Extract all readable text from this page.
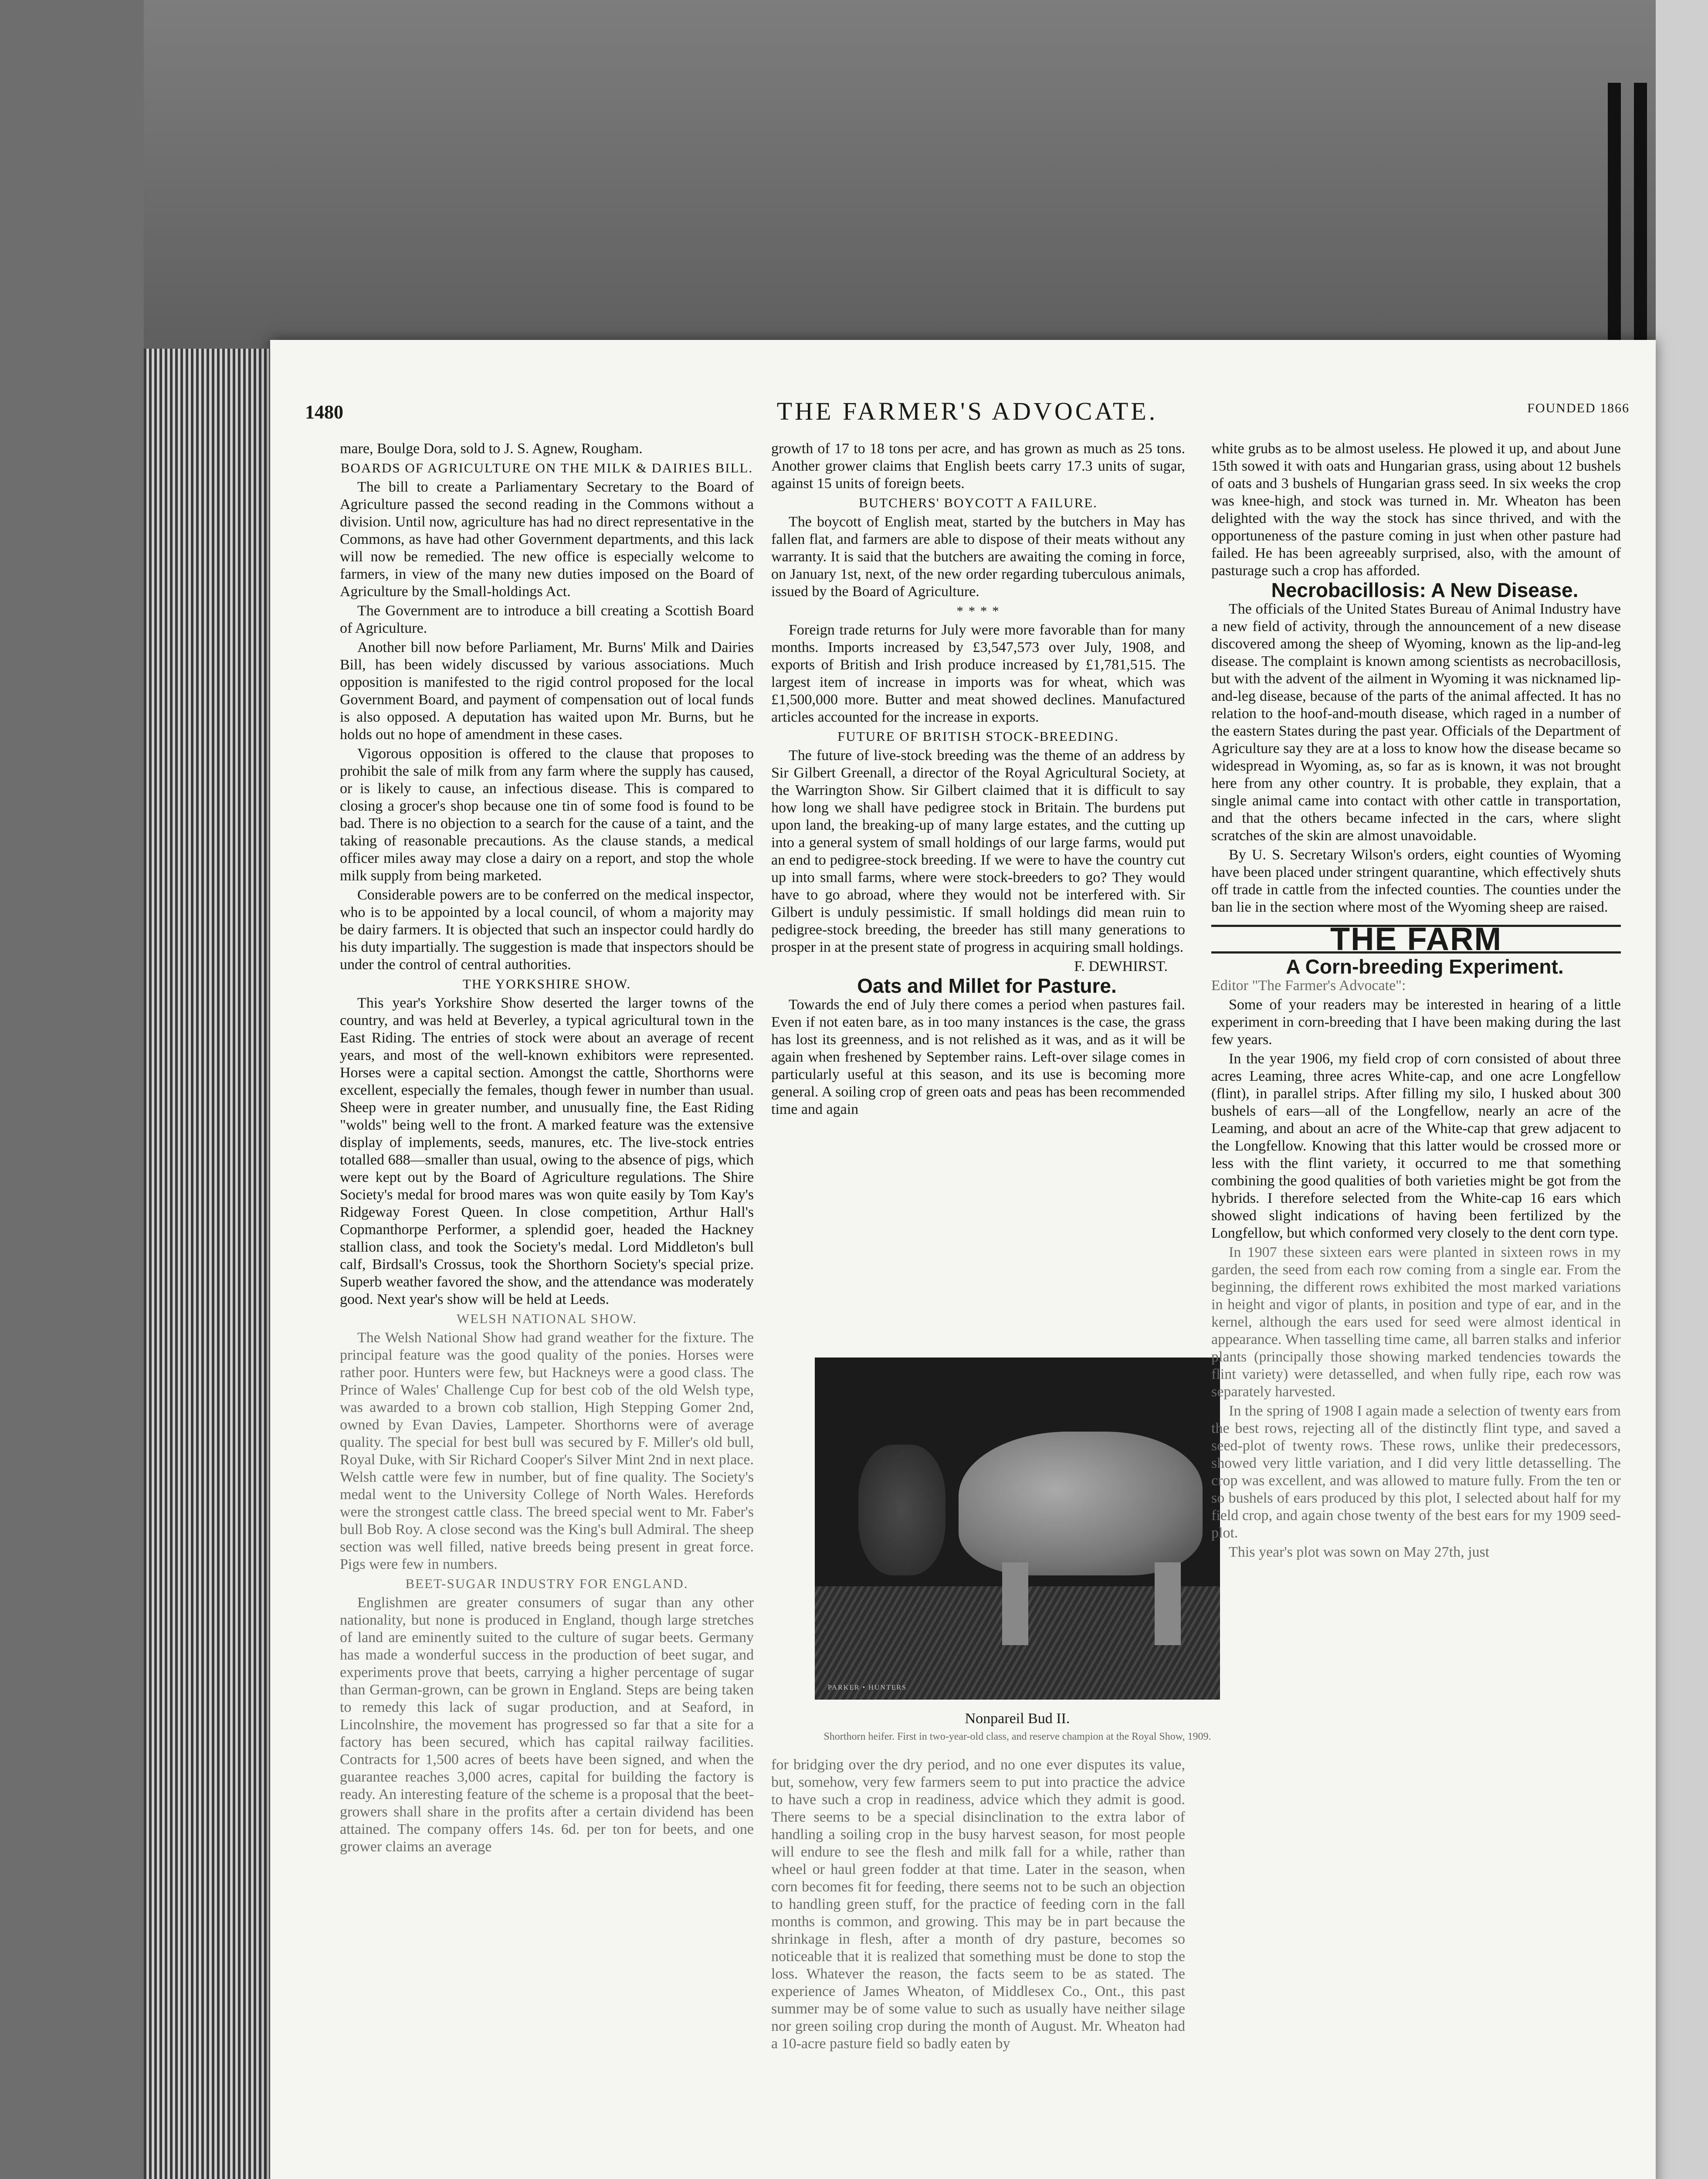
1480	THE FARMER'S ADVOCATE.	FOUNDED 1866

mare, Boulge Dora, sold to J. S. Agnew, Rougham.

BOARDS OF AGRICULTURE ON THE MILK & DAIRIES BILL.

The bill to create a Parliamentary Secretary to the Board of Agriculture passed the second reading in the Commons without a division. Until now, agriculture has had no direct representative in the Commons, as have had other Government departments, and this lack will now be remedied. The new office is especially welcome to farmers, in view of the many new duties imposed on the Board of Agriculture by the Small-holdings Act.

The Government are to introduce a bill creating a Scottish Board of Agriculture.

Another bill now before Parliament, Mr. Burns' Milk and Dairies Bill, has been widely discussed by various associations. Much opposition is manifested to the rigid control proposed for the local Government Board, and payment of compensation out of local funds is also opposed. A deputation has waited upon Mr. Burns, but he holds out no hope of amendment in these cases.

Vigorous opposition is offered to the clause that proposes to prohibit the sale of milk from any farm where the supply has caused, or is likely to cause, an infectious disease. This is compared to closing a grocer's shop because one tin of some food is found to be bad. There is no objection to a search for the cause of a taint, and the taking of reasonable precautions. As the clause stands, a medical officer miles away may close a dairy on a report, and stop the whole milk supply from being marketed.

Considerable powers are to be conferred on the medical inspector, who is to be appointed by a local council, of whom a majority may be dairy farmers. It is objected that such an inspector could hardly do his duty impartially. The suggestion is made that inspectors should be under the control of central authorities.

THE YORKSHIRE SHOW.

This year's Yorkshire Show deserted the larger towns of the country, and was held at Beverley, a typical agricultural town in the East Riding. The entries of stock were about an average of recent years, and most of the well-known exhibitors were represented. Horses were a capital section. Amongst the cattle, Shorthorns were excellent, especially the females, though fewer in number than usual. Sheep were in greater number, and unusually fine, the East Riding "wolds" being well to the front. A marked feature was the extensive display of implements, seeds, manures, etc. The live-stock entries totalled 688—smaller than usual, owing to the absence of pigs, which were kept out by the Board of Agriculture regulations. The Shire Society's medal for brood mares was won quite easily by Tom Kay's Ridgeway Forest Queen. In close competition, Arthur Hall's Copmanthorpe Performer, a splendid goer, headed the Hackney stallion class, and took the Society's medal. Lord Middleton's bull calf, Birdsall's Crossus, took the Shorthorn Society's special prize. Superb weather favored the show, and the attendance was moderately good. Next year's show will be held at Leeds.

WELSH NATIONAL SHOW.

The Welsh National Show had grand weather for the fixture. The principal feature was the good quality of the ponies. Horses were rather poor. Hunters were few, but Hackneys were a good class. The Prince of Wales' Challenge Cup for best cob of the old Welsh type, was awarded to a brown cob stallion, High Stepping Gomer 2nd, owned by Evan Davies, Lampeter. Shorthorns were of average quality. The special for best bull was secured by F. Miller's old bull, Royal Duke, with Sir Richard Cooper's Silver Mint 2nd in next place. Welsh cattle were few in number, but of fine quality. The Society's medal went to the University College of North Wales. Herefords were the strongest cattle class. The breed special went to Mr. Faber's bull Bob Roy. A close second was the King's bull Admiral. The sheep section was well filled, native breeds being present in great force. Pigs were few in numbers.

BEET-SUGAR INDUSTRY FOR ENGLAND.

Englishmen are greater consumers of sugar than any other nationality, but none is produced in England, though large stretches of land are eminently suited to the culture of sugar beets. Germany has made a wonderful success in the production of beet sugar, and experiments prove that beets, carrying a higher percentage of sugar than German-grown, can be grown in England. Steps are being taken to remedy this lack of sugar production, and at Seaford, in Lincolnshire, the movement has progressed so far that a site for a factory has been secured, which has capital railway facilities. Contracts for 1,500 acres of beets have been signed, and when the guarantee reaches 3,000 acres, capital for building the factory is ready. An interesting feature of the scheme is a proposal that the beet-growers shall share in the profits after a certain dividend has been attained. The company offers 14s. 6d. per ton for beets, and one grower claims an average

growth of 17 to 18 tons per acre, and has grown as much as 25 tons. Another grower claims that English beets carry 17.3 units of sugar, against 15 units of foreign beets.

BUTCHERS' BOYCOTT A FAILURE.

The boycott of English meat, started by the butchers in May has fallen flat, and farmers are able to dispose of their meats without any warranty. It is said that the butchers are awaiting the coming in force, on January 1st, next, of the new order regarding tuberculous animals, issued by the Board of Agriculture.

* * * *

Foreign trade returns for July were more favorable than for many months. Imports increased by £3,547,573 over July, 1908, and exports of British and Irish produce increased by £1,781,515. The largest item of increase in imports was for wheat, which was £1,500,000 more. Butter and meat showed declines. Manufactured articles accounted for the increase in exports.

FUTURE OF BRITISH STOCK-BREEDING.

The future of live-stock breeding was the theme of an address by Sir Gilbert Greenall, a director of the Royal Agricultural Society, at the Warrington Show. Sir Gilbert claimed that it is difficult to say how long we shall have pedigree stock in Britain. The burdens put upon land, the breaking-up of many large estates, and the cutting up into a general system of small holdings of our large farms, would put an end to pedigree-stock breeding. If we were to have the country cut up into small farms, where were stock-breeders to go? They would have to go abroad, where they would not be interfered with. Sir Gilbert is unduly pessimistic. If small holdings did mean ruin to pedigree-stock breeding, the breeder has still many generations to prosper in at the present state of progress in acquiring small holdings.

F. DEWHIRST.

Oats and Millet for Pasture.

Towards the end of July there comes a period when pastures fail. Even if not eaten bare, as in too many instances is the case, the grass has lost its greenness, and is not relished as it was, and as it will be again when freshened by September rains. Left-over silage comes in particularly useful at this season, and its use is becoming more general. A soiling crop of green oats and peas has been recommended time and again

PARKER • HUNTERS
Nonpareil Bud II.
Shorthorn heifer. First in two-year-old class, and reserve champion at the Royal Show, 1909.

for bridging over the dry period, and no one ever disputes its value, but, somehow, very few farmers seem to put into practice the advice to have such a crop in readiness, advice which they admit is good. There seems to be a special disinclination to the extra labor of handling a soiling crop in the busy harvest season, for most people will endure to see the flesh and milk fall for a while, rather than wheel or haul green fodder at that time. Later in the season, when corn becomes fit for feeding, there seems not to be such an objection to handling green stuff, for the practice of feeding corn in the fall months is common, and growing. This may be in part because the shrinkage in flesh, after a month of dry pasture, becomes so noticeable that it is realized that something must be done to stop the loss. Whatever the reason, the facts seem to be as stated. The experience of James Wheaton, of Middlesex Co., Ont., this past summer may be of some value to such as usually have neither silage nor green soiling crop during the month of August. Mr. Wheaton had a 10-acre pasture field so badly eaten by

white grubs as to be almost useless. He plowed it up, and about June 15th sowed it with oats and Hungarian grass, using about 12 bushels of oats and 3 bushels of Hungarian grass seed. In six weeks the crop was knee-high, and stock was turned in. Mr. Wheaton has been delighted with the way the stock has since thrived, and with the opportuneness of the pasture coming in just when other pasture had failed. He has been agreeably surprised, also, with the amount of pasturage such a crop has afforded.

Necrobacillosis: A New Disease.

The officials of the United States Bureau of Animal Industry have a new field of activity, through the announcement of a new disease discovered among the sheep of Wyoming, known as the lip-and-leg disease. The complaint is known among scientists as necrobacillosis, but with the advent of the ailment in Wyoming it was nicknamed lip-and-leg disease, because of the parts of the animal affected. It has no relation to the hoof-and-mouth disease, which raged in a number of the eastern States during the past year. Officials of the Department of Agriculture say they are at a loss to know how the disease became so widespread in Wyoming, as, so far as is known, it was not brought here from any other country. It is probable, they explain, that a single animal came into contact with other cattle in transportation, and that the others became infected in the cars, where slight scratches of the skin are almost unavoidable.

By U. S. Secretary Wilson's orders, eight counties of Wyoming have been placed under stringent quarantine, which effectively shuts off trade in cattle from the infected counties. The counties under the ban lie in the section where most of the Wyoming sheep are raised.

THE FARM

A Corn-breeding Experiment.

Editor "The Farmer's Advocate":

Some of your readers may be interested in hearing of a little experiment in corn-breeding that I have been making during the last few years.

In the year 1906, my field crop of corn consisted of about three acres Leaming, three acres White-cap, and one acre Longfellow (flint), in parallel strips. After filling my silo, I husked about 300 bushels of ears—all of the Longfellow, nearly an acre of the Leaming, and about an acre of the White-cap that grew adjacent to the Longfellow. Knowing that this latter would be crossed more or less with the flint variety, it occurred to me that something combining the good qualities of both varieties might be got from the hybrids. I therefore selected from the White-cap 16 ears which showed slight indications of having been fertilized by the Longfellow, but which conformed very closely to the dent corn type.

In 1907 these sixteen ears were planted in sixteen rows in my garden, the seed from each row coming from a single ear. From the beginning, the different rows exhibited the most marked variations in height and vigor of plants, in position and type of ear, and in the kernel, although the ears used for seed were almost identical in appearance. When tasselling time came, all barren stalks and inferior plants (principally those showing marked tendencies towards the flint variety) were detasselled, and when fully ripe, each row was separately harvested.

In the spring of 1908 I again made a selection of twenty ears from the best rows, rejecting all of the distinctly flint type, and saved a seed-plot of twenty rows. These rows, unlike their predecessors, showed very little variation, and I did very little detasselling. The crop was excellent, and was allowed to mature fully. From the ten or so bushels of ears produced by this plot, I selected about half for my field crop, and again chose twenty of the best ears for my 1909 seed-plot.

This year's plot was sown on May 27th, just
